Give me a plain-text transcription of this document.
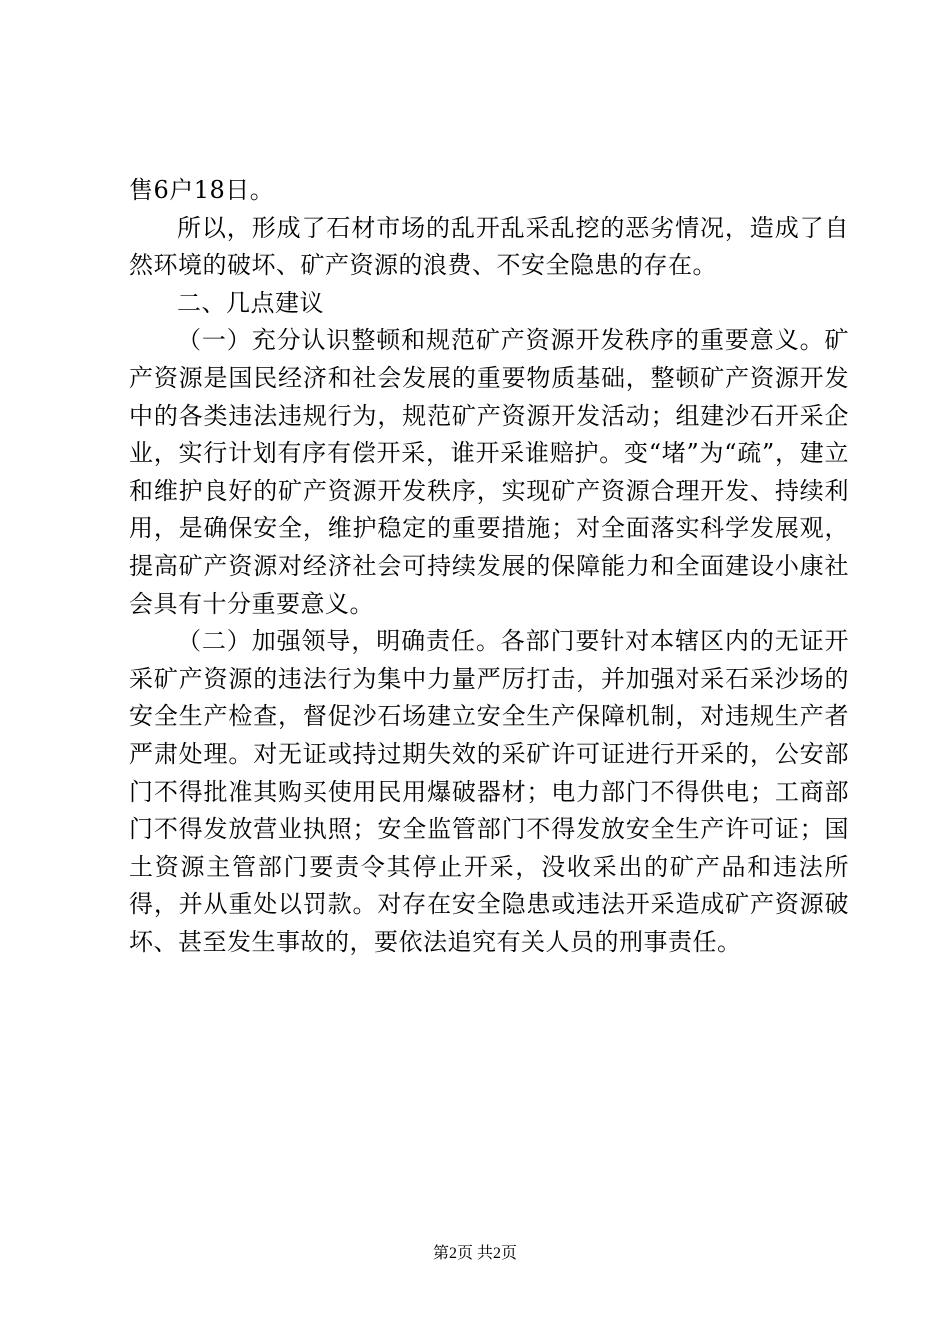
售6户18日。

所以，形成了石材市场的乱开乱采乱挖的恶劣情况，造成了自然环境的破坏、矿产资源的浪费、不安全隐患的存在。

二、几点建议

（一）充分认识整顿和规范矿产资源开发秩序的重要意义。矿产资源是国民经济和社会发展的重要物质基础，整顿矿产资源开发中的各类违法违规行为，规范矿产资源开发活动；组建沙石开采企业，实行计划有序有偿开采，谁开采谁赔护。变“堵”为“疏”，建立和维护良好的矿产资源开发秩序，实现矿产资源合理开发、持续利用，是确保安全，维护稳定的重要措施；对全面落实科学发展观，提高矿产资源对经济社会可持续发展的保障能力和全面建设小康社会具有十分重要意义。

（二）加强领导，明确责任。各部门要针对本辖区内的无证开采矿产资源的违法行为集中力量严厉打击，并加强对采石采沙场的安全生产检查，督促沙石场建立安全生产保障机制，对违规生产者严肃处理。对无证或持过期失效的采矿许可证进行开采的，公安部门不得批准其购买使用民用爆破器材；电力部门不得供电；工商部门不得发放营业执照；安全监管部门不得发放安全生产许可证；国土资源主管部门要责令其停止开采，没收采出的矿产品和违法所得，并从重处以罚款。对存在安全隐患或违法开采造成矿产资源破坏、甚至发生事故的，要依法追究有关人员的刑事责任。

第2页 共2页
